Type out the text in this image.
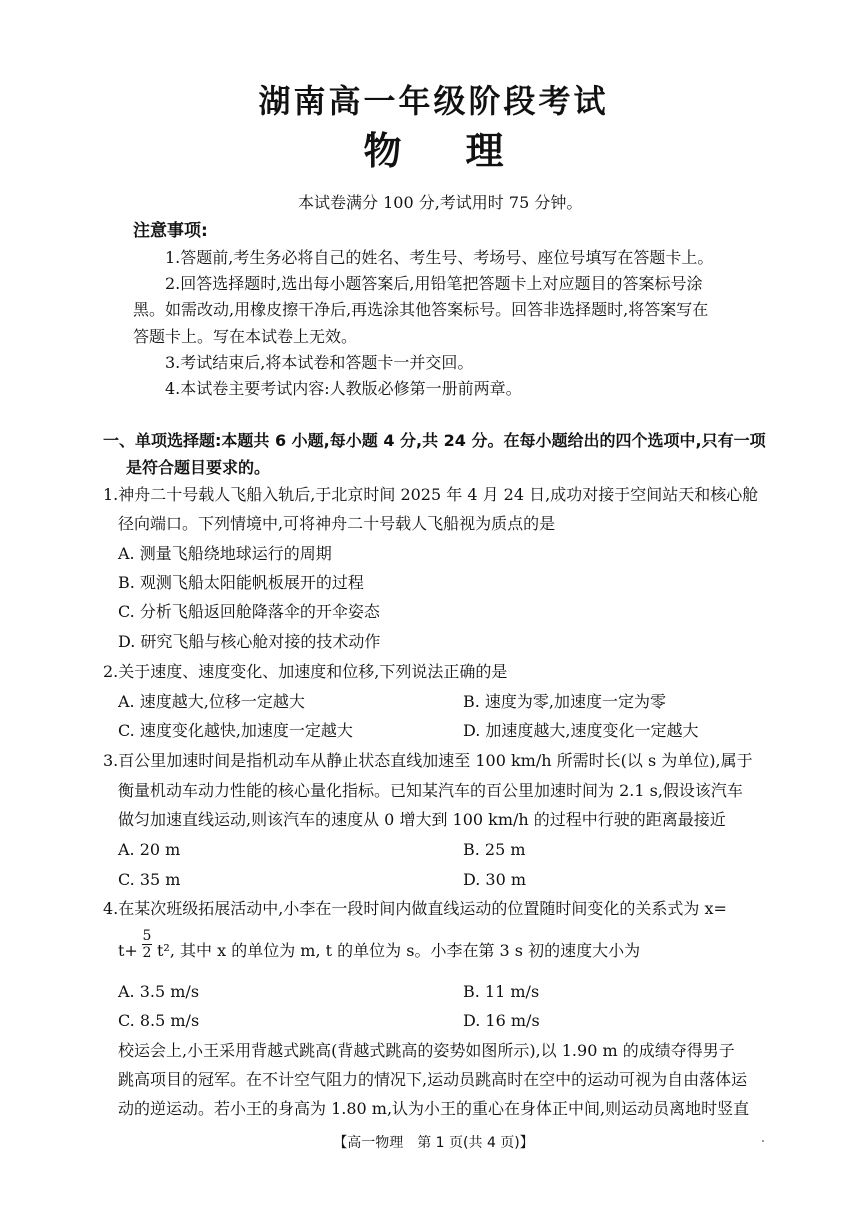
湖南高一年级阶段考试
物理
本试卷满分 100 分,考试用时 75 分钟。
注意事项:
1.答题前,考生务必将自己的姓名、考生号、考场号、座位号填写在答题卡上。
2.回答选择题时,选出每小题答案后,用铅笔把答题卡上对应题目的答案标号涂
黑。如需改动,用橡皮擦干净后,再选涂其他答案标号。回答非选择题时,将答案写在
答题卡上。写在本试卷上无效。
3.考试结束后,将本试卷和答题卡一并交回。
4.本试卷主要考试内容:人教版必修第一册前两章。
一、单项选择题:本题共 6 小题,每小题 4 分,共 24 分。在每小题给出的四个选项中,只有一项
是符合题目要求的。
1.神舟二十号载人飞船入轨后,于北京时间 2025 年 4 月 24 日,成功对接于空间站天和核心舱
径向端口。下列情境中,可将神舟二十号载人飞船视为质点的是
A. 测量飞船绕地球运行的周期
B. 观测飞船太阳能帆板展开的过程
C. 分析飞船返回舱降落伞的开伞姿态
D. 研究飞船与核心舱对接的技术动作
2.关于速度、速度变化、加速度和位移,下列说法正确的是
A. 速度越大,位移一定越大	B. 速度为零,加速度一定为零
C. 速度变化越快,加速度一定越大	D. 加速度越大,速度变化一定越大
3.百公里加速时间是指机动车从静止状态直线加速至 100 km/h 所需时长(以 s 为单位),属于
衡量机动车动力性能的核心量化指标。已知某汽车的百公里加速时间为 2.1 s,假设该汽车
做匀加速直线运动,则该汽车的速度从 0 增大到 100 km/h 的过程中行驶的距离最接近
A. 20 m	B. 25 m
C. 35 m	D. 30 m
4.在某次班级拓展活动中,小李在一段时间内做直线运动的位置随时间变化的关系式为 x=
t+
5
2 t², 其中 x 的单位为 m, t 的单位为 s。小李在第 3 s 初的速度大小为
A. 3.5 m/s	B. 11 m/s
C. 8.5 m/s	D. 16 m/s
校运会上,小王采用背越式跳高(背越式跳高的姿势如图所示),以 1.90 m 的成绩夺得男子
跳高项目的冠军。在不计空气阻力的情况下,运动员跳高时在空中的运动可视为自由落体运
动的逆运动。若小王的身高为 1.80 m,认为小王的重心在身体正中间,则运动员离地时竖直
【高一物理　第 1 页(共 4 页)】
